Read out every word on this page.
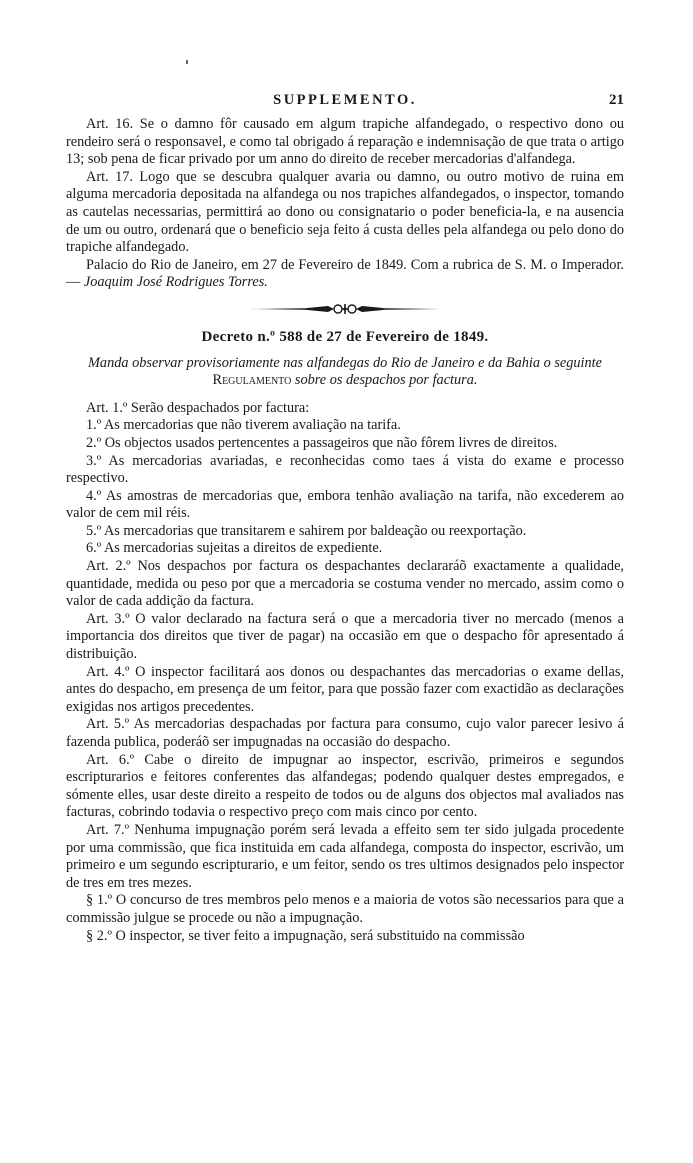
SUPPLEMENTO.	21

Art. 16. Se o damno fôr causado em algum trapiche alfandegado, o respectivo dono ou rendeiro será o responsavel, e como tal obrigado á reparação e indemnisação de que trata o artigo 13; sob pena de ficar privado por um anno do direito de receber mercadorias d'alfandega.

Art. 17. Logo que se descubra qualquer avaria ou damno, ou outro motivo de ruina em alguma mercadoria depositada na alfandega ou nos trapiches alfandegados, o inspector, tomando as cautelas necessarias, permittirá ao dono ou consignatario o poder beneficia-la, e na ausencia de um ou outro, ordenará que o beneficio seja feito á custa delles pela alfandega ou pelo dono do trapiche alfandegado.

Palacio do Rio de Janeiro, em 27 de Fevereiro de 1849. Com a rubrica de S. M. o Imperador. — Joaquim José Rodrigues Torres.

Decreto n.º 588 de 27 de Fevereiro de 1849.
Manda observar provisoriamente nas alfandegas do Rio de Janeiro e da Bahia o seguinte Regulamento sobre os despachos por factura.

Art. 1.º Serão despachados por factura:

1.º As mercadorias que não tiverem avaliação na tarifa.

2.º Os objectos usados pertencentes a passageiros que não fôrem livres de direitos.

3.º As mercadorias avariadas, e reconhecidas como taes á vista do exame e processo respectivo.

4.º As amostras de mercadorias que, embora tenhão avaliação na tarifa, não excederem ao valor de cem mil réis.

5.º As mercadorias que transitarem e sahirem por baldeação ou reexportação.

6.º As mercadorias sujeitas a direitos de expediente.

Art. 2.º Nos despachos por factura os despachantes declararáõ exactamente a qualidade, quantidade, medida ou peso por que a mercadoria se costuma vender no mercado, assim como o valor de cada addição da factura.

Art. 3.º O valor declarado na factura será o que a mercadoria tiver no mercado (menos a importancia dos direitos que tiver de pagar) na occasião em que o despacho fôr apresentado á distribuição.

Art. 4.º O inspector facilitará aos donos ou despachantes das mercadorias o exame dellas, antes do despacho, em presença de um feitor, para que possão fazer com exactidão as declarações exigidas nos artigos precedentes.

Art. 5.º As mercadorias despachadas por factura para consumo, cujo valor parecer lesivo á fazenda publica, poderáõ ser impugnadas na occasião do despacho.

Art. 6.º Cabe o direito de impugnar ao inspector, escrivão, primeiros e segundos escripturarios e feitores conferentes das alfandegas; podendo qualquer destes empregados, e sómente elles, usar deste direito a respeito de todos ou de alguns dos objectos mal avaliados nas facturas, cobrindo todavia o respectivo preço com mais cinco por cento.

Art. 7.º Nenhuma impugnação porém será levada a effeito sem ter sido julgada procedente por uma commissão, que fica instituida em cada alfandega, composta do inspector, escrivão, um primeiro e um segundo escripturario, e um feitor, sendo os tres ultimos designados pelo inspector de tres em tres mezes.

§ 1.º O concurso de tres membros pelo menos e a maioria de votos são necessarios para que a commissão julgue se procede ou não a impugnação.

§ 2.º O inspector, se tiver feito a impugnação, será substituido na commissão
